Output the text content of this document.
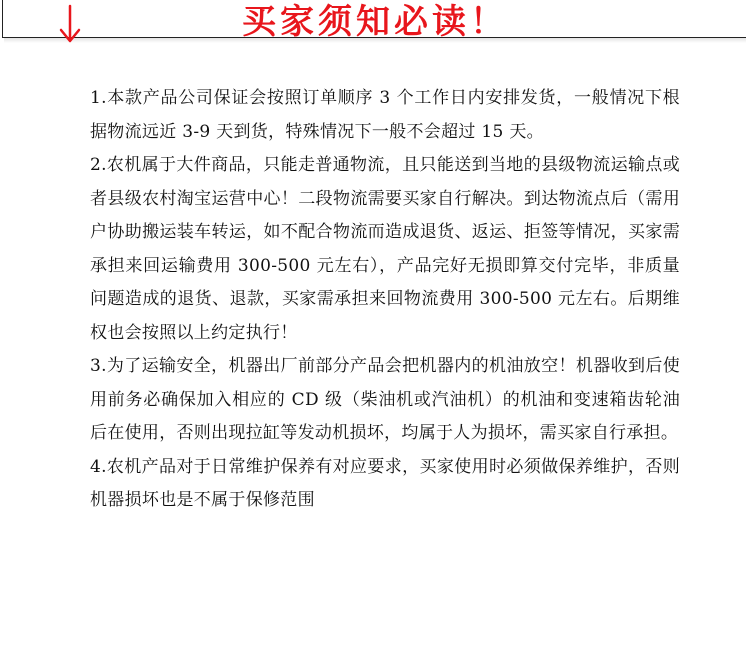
买家须知必读！

1.本款产品公司保证会按照订单顺序 3 个工作日内安排发货，一般情况下根据物流远近 3-9 天到货，特殊情况下一般不会超过 15 天。

2.农机属于大件商品，只能走普通物流，且只能送到当地的县级物流运输点或者县级农村淘宝运营中心！二段物流需要买家自行解决。到达物流点后（需用户协助搬运装车转运，如不配合物流而造成退货、返运、拒签等情况，买家需承担来回运输费用 300-500 元左右），产品完好无损即算交付完毕，非质量问题造成的退货、退款，买家需承担来回物流费用 300-500 元左右。后期维权也会按照以上约定执行！

3.为了运输安全，机器出厂前部分产品会把机器内的机油放空！机器收到后使用前务必确保加入相应的 CD 级（柴油机或汽油机）的机油和变速箱齿轮油后在使用，否则出现拉缸等发动机损坏，均属于人为损坏，需买家自行承担。

4.农机产品对于日常维护保养有对应要求，买家使用时必须做保养维护，否则机器损坏也是不属于保修范围
